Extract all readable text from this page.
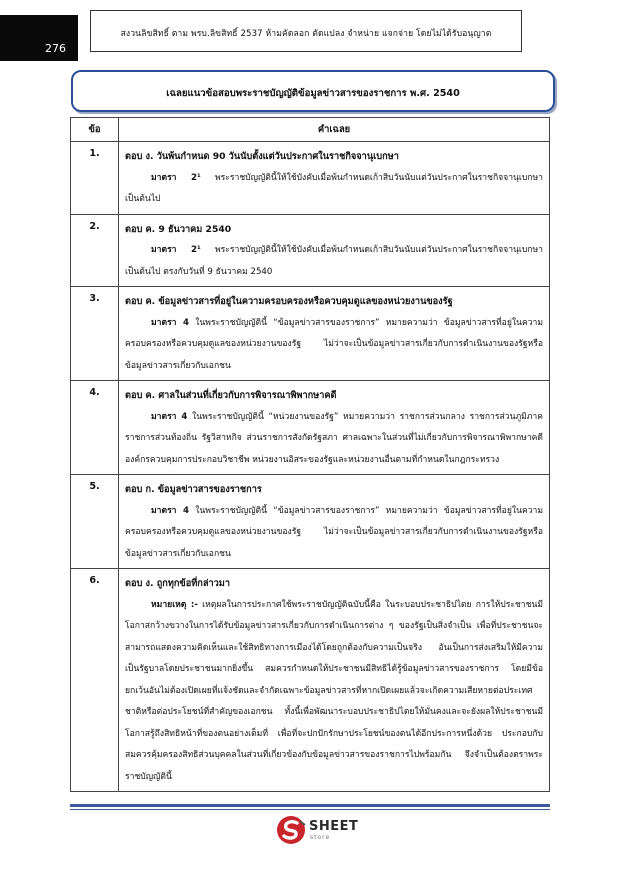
276
สงวนลิขสิทธิ์ ตาม พรบ.ลิขสิทธิ์ 2537 ห้ามคัดลอก ตัดแปลง จำหน่าย แจกจ่าย โดยไม่ได้รับอนุญาต
เฉลยแนวข้อสอบพระราชบัญญัติข้อมูลข่าวสารของราชการ พ.ศ. 2540
ข้อ	คำเฉลย
1.	ตอบ ง. วันพ้นกำหนด 90 วันนับตั้งแต่วันประกาศในราชกิจจานุเบกษา
มาตรา 2¹ พระราชบัญญัตินี้ให้ใช้บังคับเมื่อพ้นกำหนดเก้าสิบวันนับแต่วันประกาศในราชกิจจานุเบกษาเป็นต้นไป

2.	ตอบ ค. 9 ธันวาคม 2540
มาตรา 2¹ พระราชบัญญัตินี้ให้ใช้บังคับเมื่อพ้นกำหนดเก้าสิบวันนับแต่วันประกาศในราชกิจจานุเบกษาเป็นต้นไป ตรงกับวันที่ 9 ธันวาคม 2540

3.	ตอบ ค. ข้อมูลข่าวสารที่อยู่ในความครอบครองหรือควบคุมดูแลของหน่วยงานของรัฐ
มาตรา 4 ในพระราชบัญญัตินี้ “ข้อมูลข่าวสารของราชการ” หมายความว่า ข้อมูลข่าวสารที่อยู่ในความครอบครองหรือควบคุมดูแลของหน่วยงานของรัฐ ไม่ว่าจะเป็นข้อมูลข่าวสารเกี่ยวกับการดำเนินงานของรัฐหรือข้อมูลข่าวสารเกี่ยวกับเอกชน

4.	ตอบ ค. ศาลในส่วนที่เกี่ยวกับการพิจารณาพิพากษาคดี
มาตรา 4 ในพระราชบัญญัตินี้ “หน่วยงานของรัฐ” หมายความว่า ราชการส่วนกลาง ราชการส่วนภูมิภาค ราชการส่วนท้องถิ่น รัฐวิสาหกิจ ส่วนราชการสังกัดรัฐสภา ศาลเฉพาะในส่วนที่ไม่เกี่ยวกับการพิจารณาพิพากษาคดีองค์กรควบคุมการประกอบวิชาชีพ หน่วยงานอิสระของรัฐและหน่วยงานอื่นตามที่กำหนดในกฎกระทรวง

5.	ตอบ ก. ข้อมูลข่าวสารของราชการ
มาตรา 4 ในพระราชบัญญัตินี้ “ข้อมูลข่าวสารของราชการ” หมายความว่า ข้อมูลข่าวสารที่อยู่ในความครอบครองหรือควบคุมดูแลของหน่วยงานของรัฐ ไม่ว่าจะเป็นข้อมูลข่าวสารเกี่ยวกับการดำเนินงานของรัฐหรือข้อมูลข่าวสารเกี่ยวกับเอกชน

6.	ตอบ ง. ถูกทุกข้อที่กล่าวมา
หมายเหตุ :- เหตุผลในการประกาศใช้พระราชบัญญัติฉบับนี้คือ ในระบอบประชาธิปไตย การให้ประชาชนมีโอกาสกว้างขวางในการได้รับข้อมูลข่าวสารเกี่ยวกับการดำเนินการต่าง ๆ ของรัฐเป็นสิ่งจำเป็น เพื่อที่ประชาชนจะสามารถแสดงความคิดเห็นและใช้สิทธิทางการเมืองได้โดยถูกต้องกับความเป็นจริง อันเป็นการส่งเสริมให้มีความเป็นรัฐบาลโดยประชาชนมากยิ่งขึ้น สมควรกำหนดให้ประชาชนมีสิทธิได้รู้ข้อมูลข่าวสารของราชการ โดยมีข้อยกเว้นอันไม่ต้องเปิดเผยที่แจ้งชัดและจำกัดเฉพาะข้อมูลข่าวสารที่หากเปิดเผยแล้วจะเกิดความเสียหายต่อประเทศชาติหรือต่อประโยชน์ที่สำคัญของเอกชน ทั้งนี้เพื่อพัฒนาระบอบประชาธิปไตยให้มั่นคงและจะยังผลให้ประชาชนมีโอกาสรู้ถึงสิทธิหน้าที่ของตนอย่างเต็มที่ เพื่อที่จะปกปักรักษาประโยชน์ของตนได้อีกประการหนึ่งด้วย ประกอบกับสมควรคุ้มครองสิทธิส่วนบุคคลในส่วนที่เกี่ยวข้องกับข้อมูลข่าวสารของราชการไปพร้อมกัน จึงจำเป็นต้องตราพระราชบัญญัตินี้
SHEET
store
